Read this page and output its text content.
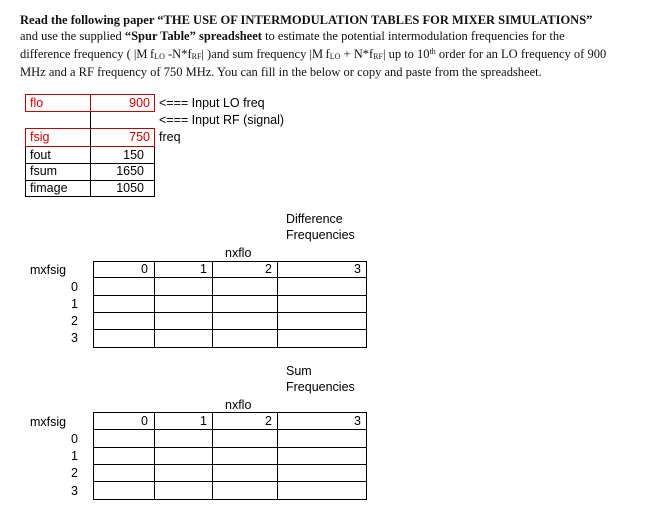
Read the following paper “THE USE OF INTERMODULATION TABLES FOR MIXER SIMULATIONS”
and use the supplied “Spur Table” spreadsheet to estimate the potential intermodulation frequencies for the
difference frequency ( |M $f_{LO}$ $-N*f_{RF}|$ )and sum frequency |M $f_{LO} + N*f_{RF}|$ up to 10th order for an LO frequency of 900
MHz and a RF frequency of 750 MHz. You can fill in the below or copy and paste from the spreadsheet.
flo	900 <=== Input LO freq
<=== Input RF (signal)
fsig	750 freq
fout	150
fsum	1650
fimage	1050
Difference
Frequencies
nxflo
mxfsig	0	1	2	3
0
1
2
3
Sum
Frequencies
nxflo
mxfsig	0	1	2	3
0
1
2
3
